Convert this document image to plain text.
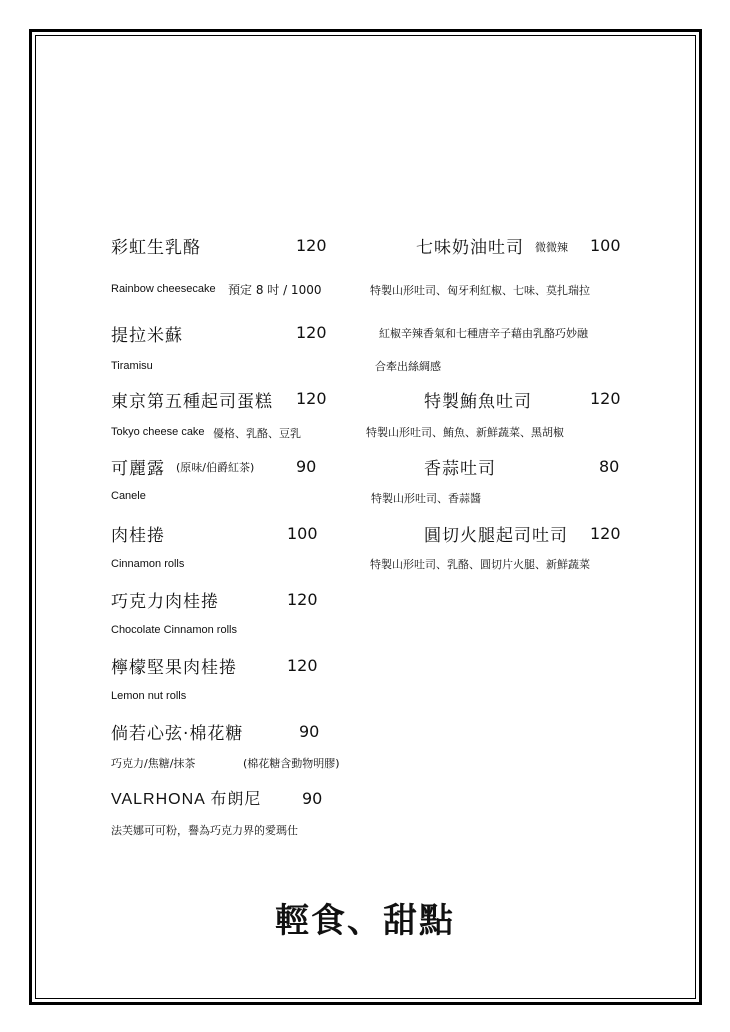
彩虹生乳酪	120
Rainbow cheesecake 預定 8 吋 / 1000
提拉米蘇	120
Tiramisu
東京第五種起司蛋糕 120
Tokyo cheese cake 優格、乳酪、豆乳
可麗露 (原味/伯爵紅茶)	90
Canele
肉桂捲	100
Cinnamon rolls
巧克力肉桂捲	120
Chocolate Cinnamon rolls
檸檬堅果肉桂捲	120
Lemon nut rolls
倘若心弦·棉花糖	90
巧克力/焦糖/抹茶	(棉花糖含動物明膠)
VALRHONA 布朗尼	90
法芙娜可可粉，譽為巧克力界的愛瑪仕
七味奶油吐司 微微辣 100
特製山形吐司、匈牙利紅椒、七味、莫扎瑞拉
紅椒辛辣香氣和七種唐辛子藉由乳酪巧妙融
合牽出絲綢感
特製鮪魚吐司	120
特製山形吐司、鮪魚、新鮮蔬菜、黑胡椒
香蒜吐司	80
特製山形吐司、香蒜醬
圓切火腿起司吐司 120
特製山形吐司、乳酪、圓切片火腿、新鮮蔬菜
輕食、甜點
